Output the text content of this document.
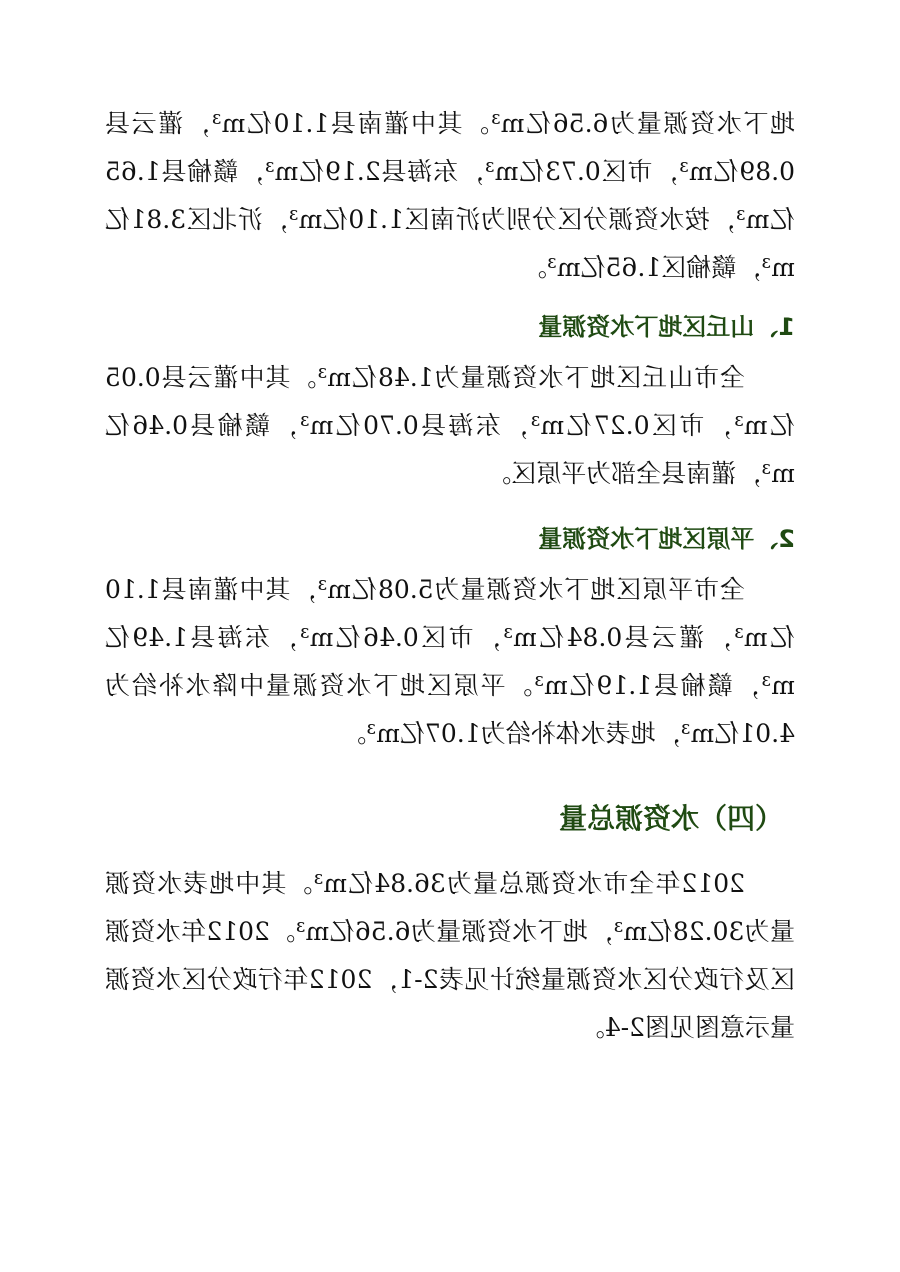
地下水资源量为6.56亿m³。其中灌南县1.10亿m³，灌云县0.89亿m³，市区0.73亿m³，东海县2.19亿m³，赣榆县1.65亿m³，按水资源分区分别为沂南区1.10亿m³，沂北区3.81亿m³，赣榆区1.65亿m³。

1、山丘区地下水资源量

全市山丘区地下水资源量为1.48亿m³。其中灌云县0.05亿m³，市区0.27亿m³，东海县0.70亿m³，赣榆县0.46亿m³，灌南县全部为平原区。

2、平原区地下水资源量

全市平原区地下水资源量为5.08亿m³，其中灌南县1.10亿m³，灌云县0.84亿m³，市区0.46亿m³，东海县1.49亿m³，赣榆县1.19亿m³。平原区地下水资源量中降水补给为4.01亿m³，地表水体补给为1.07亿m³。

（四）水资源总量

2012年全市水资源总量为36.84亿m³。其中地表水资源量为30.28亿m³，地下水资源量为6.56亿m³。2012年水资源区及行政分区水资源量统计见表2-1，2012年行政分区水资源量示意图见图2-4。
